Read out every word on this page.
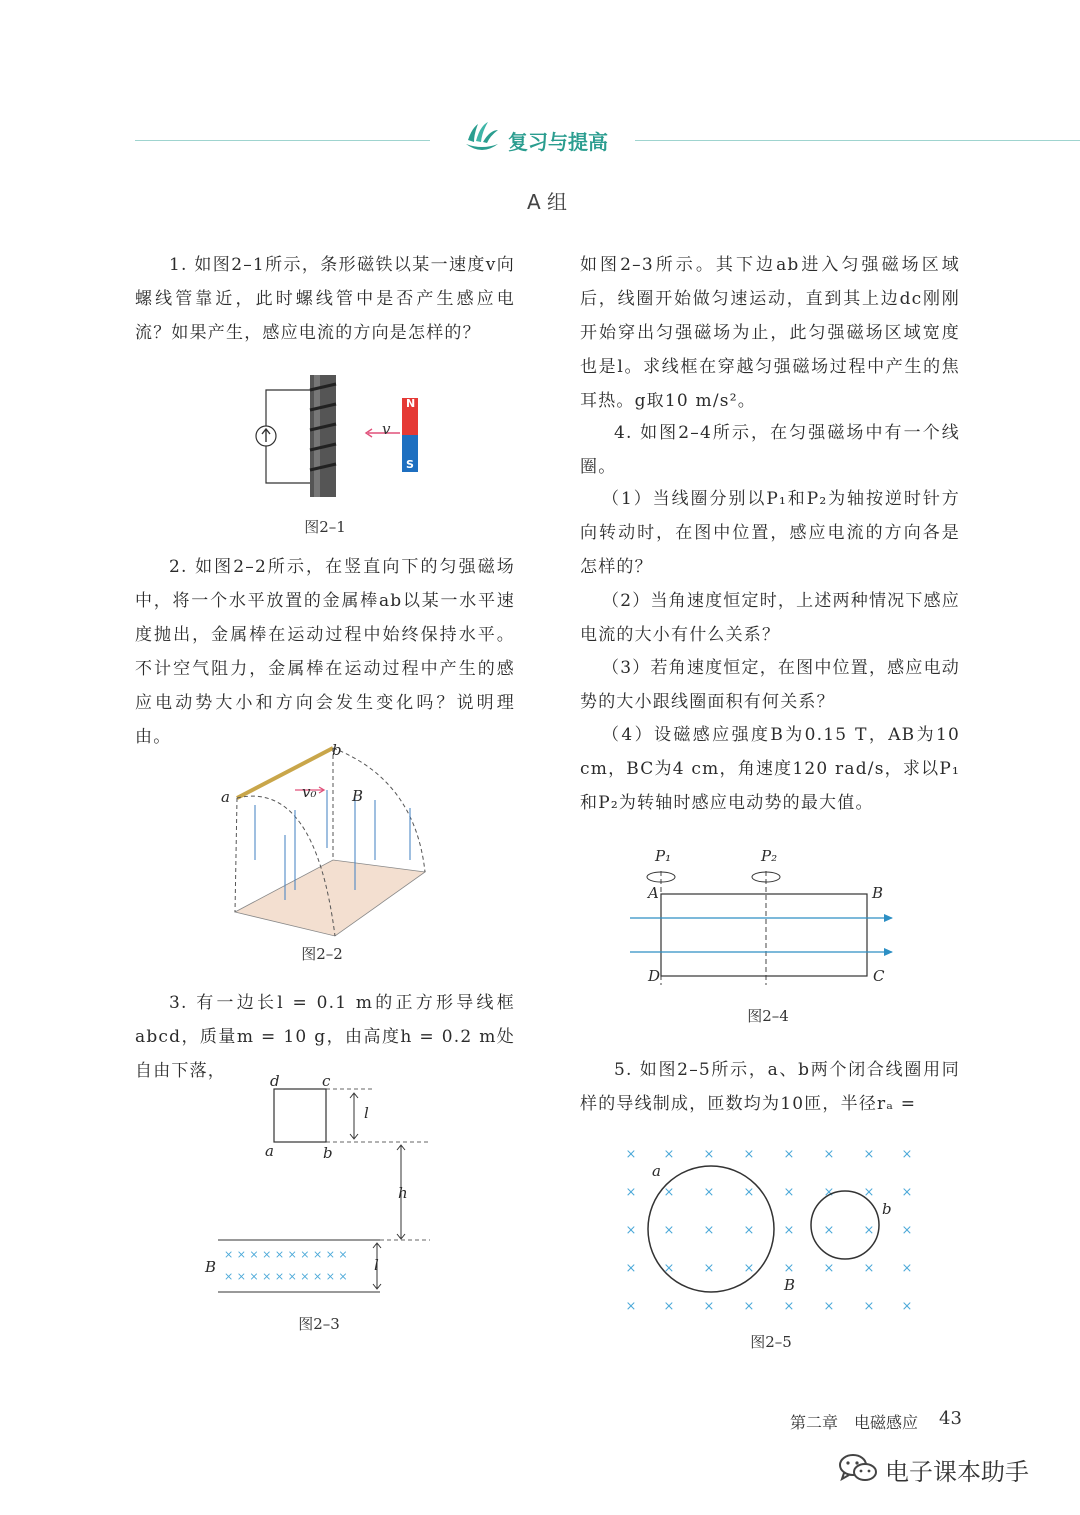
复习与提高
A 组

1. 如图2–1所示，条形磁铁以某一速度v向螺线管靠近，此时螺线管中是否产生感应电流？如果产生，感应电流的方向是怎样的？

v
N
S
图2–1

2. 如图2–2所示，在竖直向下的匀强磁场中，将一个水平放置的金属棒ab以某一水平速度抛出，金属棒在运动过程中始终保持水平。不计空气阻力，金属棒在运动过程中产生的感应电动势大小和方向会发生变化吗？说明理由。

a
b
v₀ B
图2–2

3. 有一边长l = 0.1 m的正方形导线框abcd，质量m = 10 g，由高度h = 0.2 m处自由下落，

× × × × × × × × × ×
× × × × × × × × × ×
d	c
a	b
l
h
l
B
图2–3

如图2–3所示。其下边ab进入匀强磁场区域后，线圈开始做匀速运动，直到其上边dc刚刚开始穿出匀强磁场为止，此匀强磁场区域宽度也是l。求线框在穿越匀强磁场过程中产生的焦耳热。g取10 m/s²。

4. 如图2–4所示，在匀强磁场中有一个线圈。

（1）当线圈分别以P₁和P₂为轴按逆时针方向转动时，在图中位置，感应电流的方向各是怎样的？

（2）当角速度恒定时，上述两种情况下感应电流的大小有什么关系？

（3）若角速度恒定，在图中位置，感应电动势的大小跟线圈面积有何关系？

（4）设磁感应强度B为0.15 T，AB为10 cm，BC为4 cm，角速度120 rad/s，求以P₁和P₂为转轴时感应电动势的最大值。

P₁	P₂
A	B
C
D
图2–4

5. 如图2–5所示，a、b两个闭合线圈用同样的导线制成，匝数均为10匝，半径rₐ =

× × × × × × × ×
× × × × × × × ×
× × × × × × × ×
× × × × × × × ×
× × × × × × × ×
a
b
B
图2–5
第二章　电磁感应 43
电子课本助手
